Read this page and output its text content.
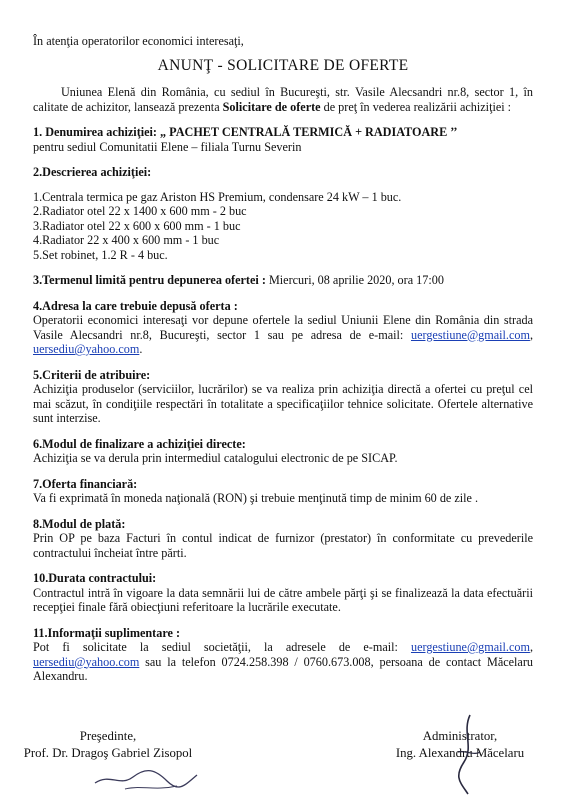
În atenţia operatorilor economici interesaţi,

ANUNŢ - SOLICITARE DE OFERTE

Uniunea Elenă din România, cu sediul în Bucureşti, str. Vasile Alecsandri nr.8, sector 1, în calitate de achizitor, lansează prezenta Solicitare de oferte de preţ în vederea realizării achiziţiei :

1. Denumirea achiziţiei: „ PACHET CENTRALĂ TERMICĂ + RADIATOARE ’’
pentru sediul Comunitatii Elene – filiala Turnu Severin
2.Descrierea achiziţiei:
1.Centrala termica pe gaz Ariston HS Premium, condensare 24 kW – 1 buc.
2.Radiator otel 22 x 1400 x 600 mm - 2 buc
3.Radiator otel 22 x 600 x 600 mm - 1 buc
4.Radiator 22 x 400 x 600 mm - 1 buc
5.Set robinet, 1.2 R - 4 buc.
3.Termenul limită pentru depunerea ofertei : Miercuri, 08 aprilie 2020, ora 17:00
4.Adresa la care trebuie depusă oferta :
Operatorii economici interesaţi vor depune ofertele la sediul Uniunii Elene din România din strada Vasile Alecsandri nr.8, Bucureşti, sector 1 sau pe adresa de e-mail: uergestiune@gmail.com, uersediu@yahoo.com.
5.Criterii de atribuire:
Achiziţia produselor (serviciilor, lucrărilor) se va realiza prin achiziţia directă a ofertei cu preţul cel mai scăzut, în condiţiile respectări în totalitate a specificaţiilor tehnice solicitate. Ofertele alternative sunt interzise.
6.Modul de finalizare a achiziţiei directe:
Achiziţia se va derula prin intermediul catalogului electronic de pe SICAP.
7.Oferta financiară:
Va fi exprimată în moneda naţională (RON) şi trebuie menţinută timp de minim 60 de zile .
8.Modul de plată:
Prin OP pe baza Facturi în contul indicat de furnizor (prestator) în conformitate cu prevederile contractului încheiat între părti.
10.Durata contractului:
Contractul intră în vigoare la data semnării lui de către ambele părţi şi se finalizează la data efectuării recepţiei finale fără obiecţiuni referitoare la lucrările executate.
11.Informaţii suplimentare :
Pot fi solicitate la sediul societăţii, la adresele de e-mail: uergestiune@gmail.com, uersediu@yahoo.com sau la telefon 0724.258.398 / 0760.673.008, persoana de contact Măcelaru Alexandru.
Preşedinte,
Prof. Dr. Dragoş Gabriel Zisopol
Administrator,
Ing. Alexandru Măcelaru
